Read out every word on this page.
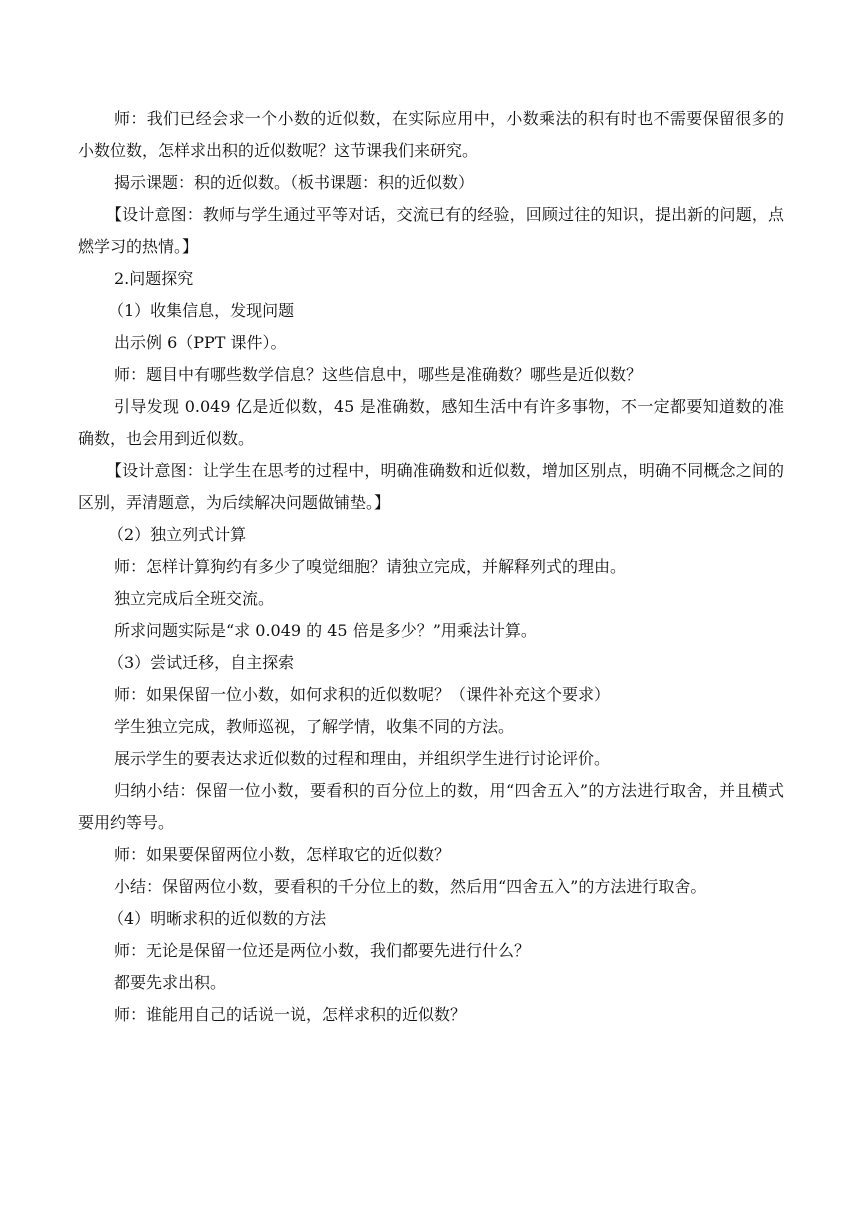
师：我们已经会求一个小数的近似数，在实际应用中，小数乘法的积有时也不需要保留很多的小数位数，怎样求出积的近似数呢？这节课我们来研究。

揭示课题：积的近似数。（板书课题：积的近似数）

【设计意图：教师与学生通过平等对话，交流已有的经验，回顾过往的知识，提出新的问题，点燃学习的热情。】

2.问题探究

（1）收集信息，发现问题

出示例 6（PPT 课件）。

师：题目中有哪些数学信息？这些信息中，哪些是准确数？哪些是近似数？

引导发现 0.049 亿是近似数，45 是准确数，感知生活中有许多事物，不一定都要知道数的准确数，也会用到近似数。

【设计意图：让学生在思考的过程中，明确准确数和近似数，增加区别点，明确不同概念之间的区别，弄清题意，为后续解决问题做铺垫。】

（2）独立列式计算

师：怎样计算狗约有多少了嗅觉细胞？请独立完成，并解释列式的理由。

独立完成后全班交流。

所求问题实际是“求 0.049 的 45 倍是多少？”用乘法计算。

（3）尝试迁移，自主探索

师：如果保留一位小数，如何求积的近似数呢？（课件补充这个要求）

学生独立完成，教师巡视，了解学情，收集不同的方法。

展示学生的要表达求近似数的过程和理由，并组织学生进行讨论评价。

归纳小结：保留一位小数，要看积的百分位上的数，用“四舍五入”的方法进行取舍，并且横式要用约等号。

师：如果要保留两位小数，怎样取它的近似数？

小结：保留两位小数，要看积的千分位上的数，然后用“四舍五入”的方法进行取舍。

（4）明晰求积的近似数的方法

师：无论是保留一位还是两位小数，我们都要先进行什么？

都要先求出积。

师：谁能用自己的话说一说，怎样求积的近似数？
